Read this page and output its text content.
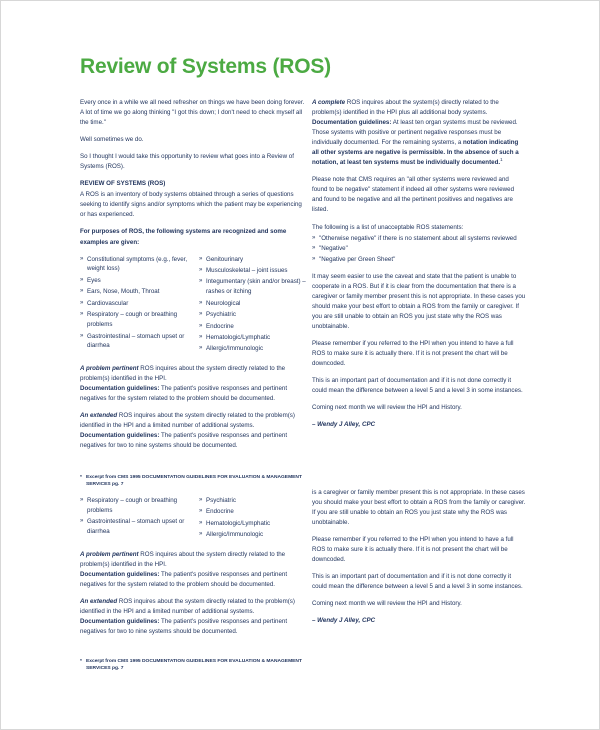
Review of Systems (ROS)

Every once in a while we all need refresher on things we have been doing forever. A lot of time we go along thinking "I got this down; I don't need to check myself all the time."

Well sometimes we do.

So I thought I would take this opportunity to review what goes into a Review of Systems (ROS).

REVIEW OF SYSTEMS (ROS)

A ROS is an inventory of body systems obtained through a series of questions seeking to identify signs and/or symptoms which the patient may be experiencing or has experienced.

For purposes of ROS, the following systems are recognized and some examples are given:

» Constitutional symptoms (e.g., fever, weight loss)
» Eyes
» Ears, Nose, Mouth, Throat
» Cardiovascular
» Respiratory – cough or breathing problems
» Gastrointestinal – stomach upset or diarrhea
» Genitourinary
» Musculoskeletal – joint issues
» Integumentary (skin and/or breast) – rashes or itching
» Neurological
» Psychiatric
» Endocrine
» Hematologic/Lymphatic
» Allergic/Immunologic

A problem pertinent ROS inquires about the system directly related to the problem(s) identified in the HPI.
Documentation guidelines: The patient's positive responses and pertinent negatives for the system related to the problem should be documented.

An extended ROS inquires about the system directly related to the problem(s) identified in the HPI and a limited number of additional systems.
Documentation guidelines: The patient's positive responses and pertinent negatives for two to nine systems should be documented.

A complete ROS inquires about the system(s) directly related to the problem(s) identified in the HPI plus all additional body systems. Documentation guidelines: At least ten organ systems must be reviewed. Those systems with positive or pertinent negative responses must be individually documented. For the remaining systems, a notation indicating all other systems are negative is permissible. In the absence of such a notation, at least ten systems must be individually documented.$^1$

Please note that CMS requires an "all other systems were reviewed and found to be negative" statement if indeed all other systems were reviewed and found to be negative and all the pertinent positives and negatives are listed.

The following is a list of unacceptable ROS statements:

» "Otherwise negative" if there is no statement about all systems reviewed
» "Negative"
» "Negative per Green Sheet"

It may seem easier to use the caveat and state that the patient is unable to cooperate in a ROS. But if it is clear from the documentation that there is a caregiver or family member present this is not appropriate. In these cases you should make your best effort to obtain a ROS from the family or caregiver. If you are still unable to obtain an ROS you just state why the ROS was unobtainable.

Please remember if you referred to the HPI when you intend to have a full ROS to make sure it is actually there. If it is not present the chart will be downcoded.

This is an important part of documentation and if it is not done correctly it could mean the difference between a level 5 and a level 3 in some instances.

Coming next month we will review the HPI and History.

– Wendy J Alley, CPC

* Excerpt from CMS 1995 DOCUMENTATION GUIDELINES FOR EVALUATION & MANAGEMENT SERVICES pg. 7
» Respiratory – cough or breathing problems
» Gastrointestinal – stomach upset or diarrhea
» Psychiatric
» Endocrine
» Hematologic/Lymphatic
» Allergic/Immunologic

A problem pertinent ROS inquires about the system directly related to the problem(s) identified in the HPI.
Documentation guidelines: The patient's positive responses and pertinent negatives for the system related to the problem should be documented.

An extended ROS inquires about the system directly related to the problem(s) identified in the HPI and a limited number of additional systems.
Documentation guidelines: The patient's positive responses and pertinent negatives for two to nine systems should be documented.

is a caregiver or family member present this is not appropriate. In these cases you should make your best effort to obtain a ROS from the family or caregiver. If you are still unable to obtain an ROS you just state why the ROS was unobtainable.

Please remember if you referred to the HPI when you intend to have a full ROS to make sure it is actually there. If it is not present the chart will be downcoded.

This is an important part of documentation and if it is not done correctly it could mean the difference between a level 5 and a level 3 in some instances.

Coming next month we will review the HPI and History.

– Wendy J Alley, CPC

* Excerpt from CMS 1995 DOCUMENTATION GUIDELINES FOR EVALUATION & MANAGEMENT SERVICES pg. 7
